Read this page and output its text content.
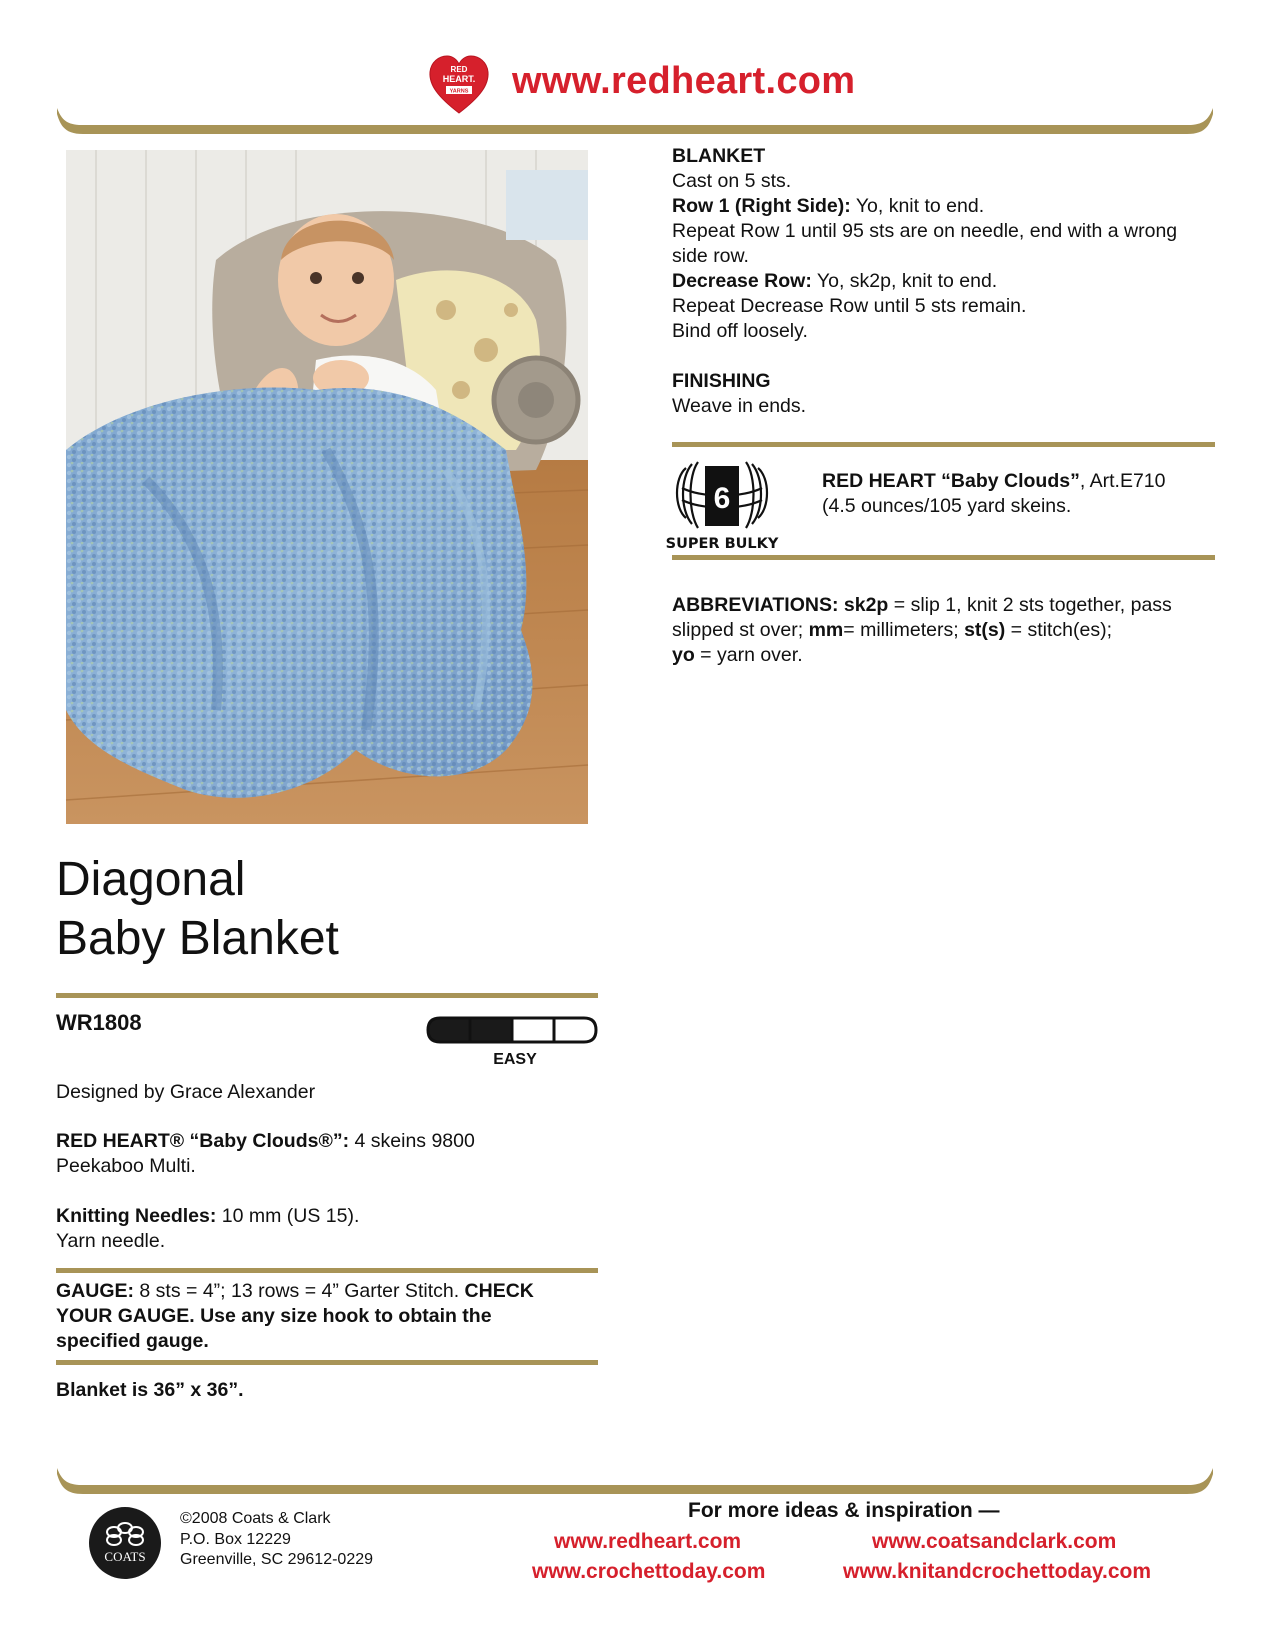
RED
HEART.
YARNS www.redheart.com
Diagonal
Baby Blanket
WR1808
EASY
Designed by Grace Alexander
RED HEART® “Baby Clouds®”: 4 skeins 9800
Peekaboo Multi.
Knitting Needles: 10 mm (US 15).
Yarn needle.
GAUGE: 8 sts = 4”; 13 rows = 4” Garter Stitch. CHECK
YOUR GAUGE. Use any size hook to obtain the
specified gauge.
Blanket is 36” x 36”.
BLANKET
Cast on 5 sts.
Row 1 (Right Side): Yo, knit to end.
Repeat Row 1 until 95 sts are on needle, end with a wrong
side row.
Decrease Row: Yo, sk2p, knit to end.
Repeat Decrease Row until 5 sts remain.
Bind off loosely.
FINISHING
Weave in ends.
6
SUPER BULKY
RED HEART “Baby Clouds”, Art.E710
(4.5 ounces/105 yard skeins.
ABBREVIATIONS: sk2p = slip 1, knit 2 sts together, pass
slipped st over; mm= millimeters; st(s) = stitch(es);
yo = yarn over.
COATS
©2008 Coats & Clark
P.O. Box 12229
Greenville, SC 29612-0229
For more ideas & inspiration —
www.redheart.com	www.coatsandclark.com
www.crochettoday.com	www.knitandcrochettoday.com
